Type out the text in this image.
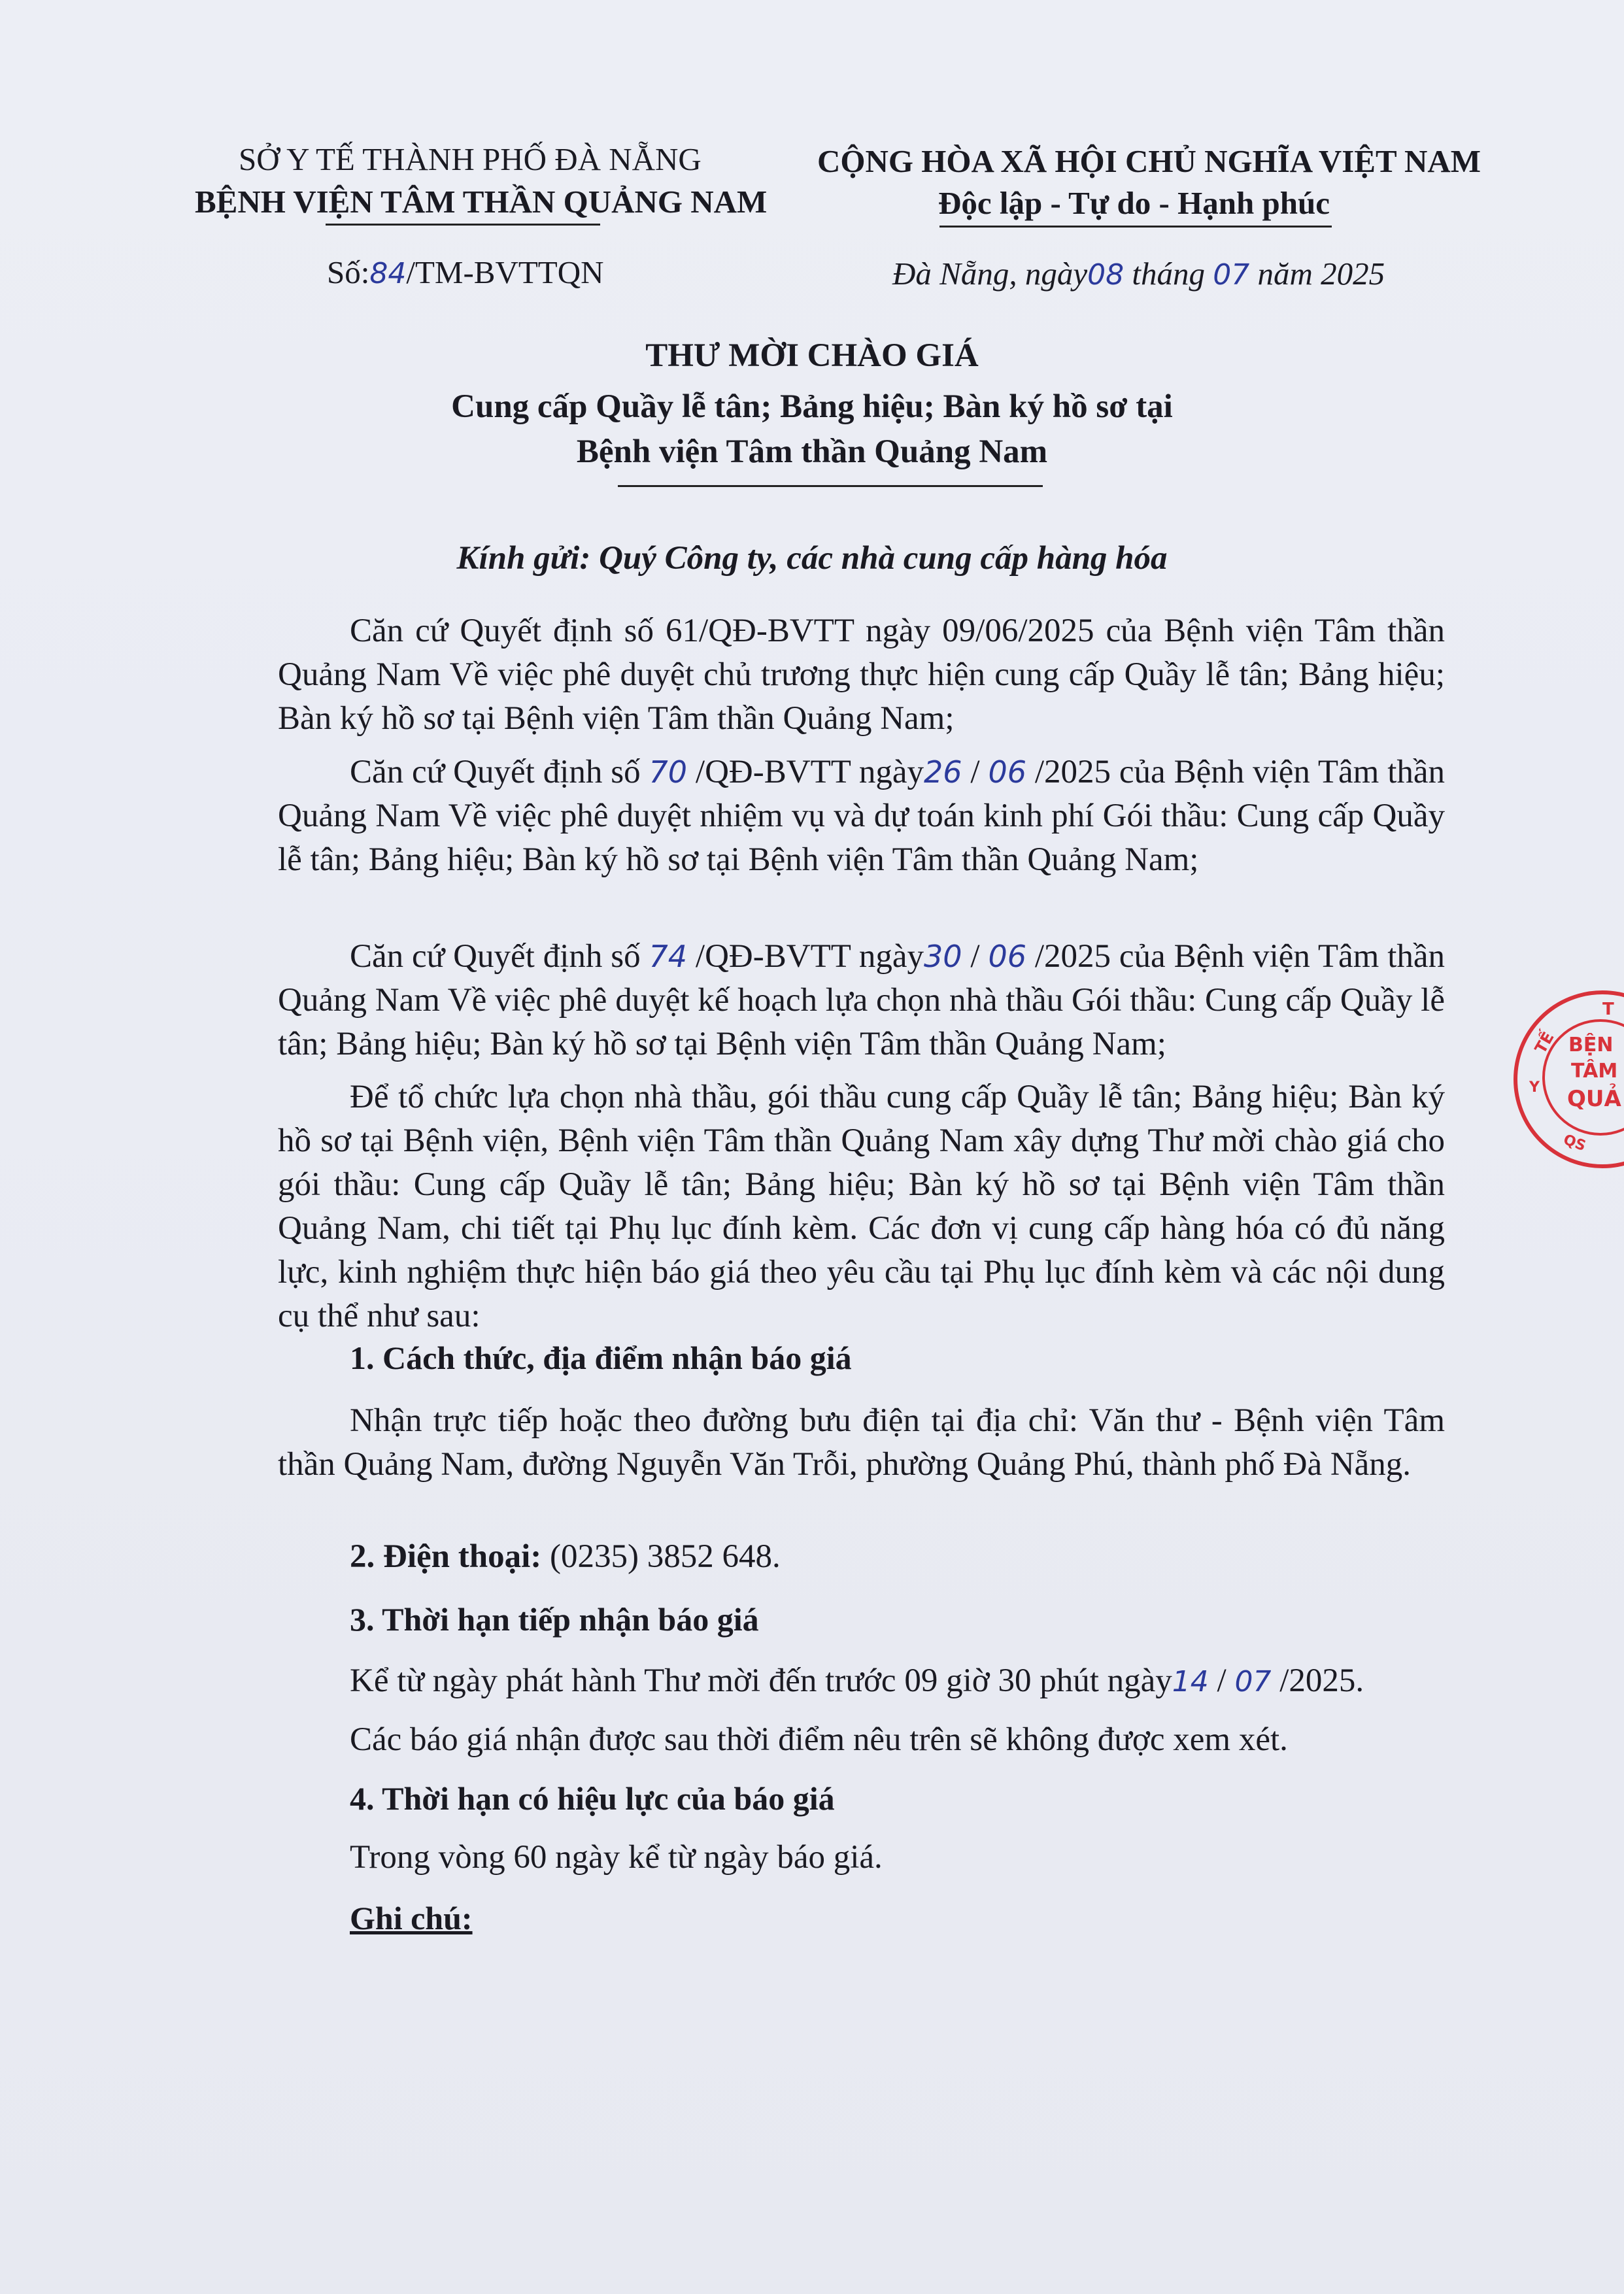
SỞ Y TẾ THÀNH PHỐ ĐÀ NẴNG
BỆNH VIỆN TÂM THẦN QUẢNG NAM
Số:84/TM-BVTTQN
CỘNG HÒA XÃ HỘI CHỦ NGHĨA VIỆT NAM
Độc lập - Tự do - Hạnh phúc
Đà Nẵng, ngày08 tháng 07 năm 2025
THƯ MỜI CHÀO GIÁ
Cung cấp Quầy lễ tân; Bảng hiệu; Bàn ký hồ sơ tại
Bệnh viện Tâm thần Quảng Nam
Kính gửi: Quý Công ty, các nhà cung cấp hàng hóa
Căn cứ Quyết định số 61/QĐ-BVTT ngày 09/06/2025 của Bệnh viện Tâm thần Quảng Nam Về việc phê duyệt chủ trương thực hiện cung cấp Quầy lễ tân; Bảng hiệu; Bàn ký hồ sơ tại Bệnh viện Tâm thần Quảng Nam;
Căn cứ Quyết định số 70 /QĐ-BVTT ngày26 / 06 /2025 của Bệnh viện Tâm thần Quảng Nam Về việc phê duyệt nhiệm vụ và dự toán kinh phí Gói thầu: Cung cấp Quầy lễ tân; Bảng hiệu; Bàn ký hồ sơ tại Bệnh viện Tâm thần Quảng Nam;
Căn cứ Quyết định số 74 /QĐ-BVTT ngày30 / 06 /2025 của Bệnh viện Tâm thần Quảng Nam Về việc phê duyệt kế hoạch lựa chọn nhà thầu Gói thầu: Cung cấp Quầy lễ tân; Bảng hiệu; Bàn ký hồ sơ tại Bệnh viện Tâm thần Quảng Nam;
Để tổ chức lựa chọn nhà thầu, gói thầu cung cấp Quầy lễ tân; Bảng hiệu; Bàn ký hồ sơ tại Bệnh viện, Bệnh viện Tâm thần Quảng Nam xây dựng Thư mời chào giá cho gói thầu: Cung cấp Quầy lễ tân; Bảng hiệu; Bàn ký hồ sơ tại Bệnh viện Tâm thần Quảng Nam, chi tiết tại Phụ lục đính kèm. Các đơn vị cung cấp hàng hóa có đủ năng lực, kinh nghiệm thực hiện báo giá theo yêu cầu tại Phụ lục đính kèm và các nội dung cụ thể như sau:
1. Cách thức, địa điểm nhận báo giá
Nhận trực tiếp hoặc theo đường bưu điện tại địa chỉ: Văn thư - Bệnh viện Tâm thần Quảng Nam, đường Nguyễn Văn Trỗi, phường Quảng Phú, thành phố Đà Nẵng.
2. Điện thoại: (0235) 3852 648.
3. Thời hạn tiếp nhận báo giá
Kể từ ngày phát hành Thư mời đến trước 09 giờ 30 phút ngày14 / 07 /2025.
Các báo giá nhận được sau thời điểm nêu trên sẽ không được xem xét.
4. Thời hạn có hiệu lực của báo giá
Trong vòng 60 ngày kể từ ngày báo giá.
Ghi chú:
BỆN
TÂM
QUẢ
T
TẾ
Y
QS
